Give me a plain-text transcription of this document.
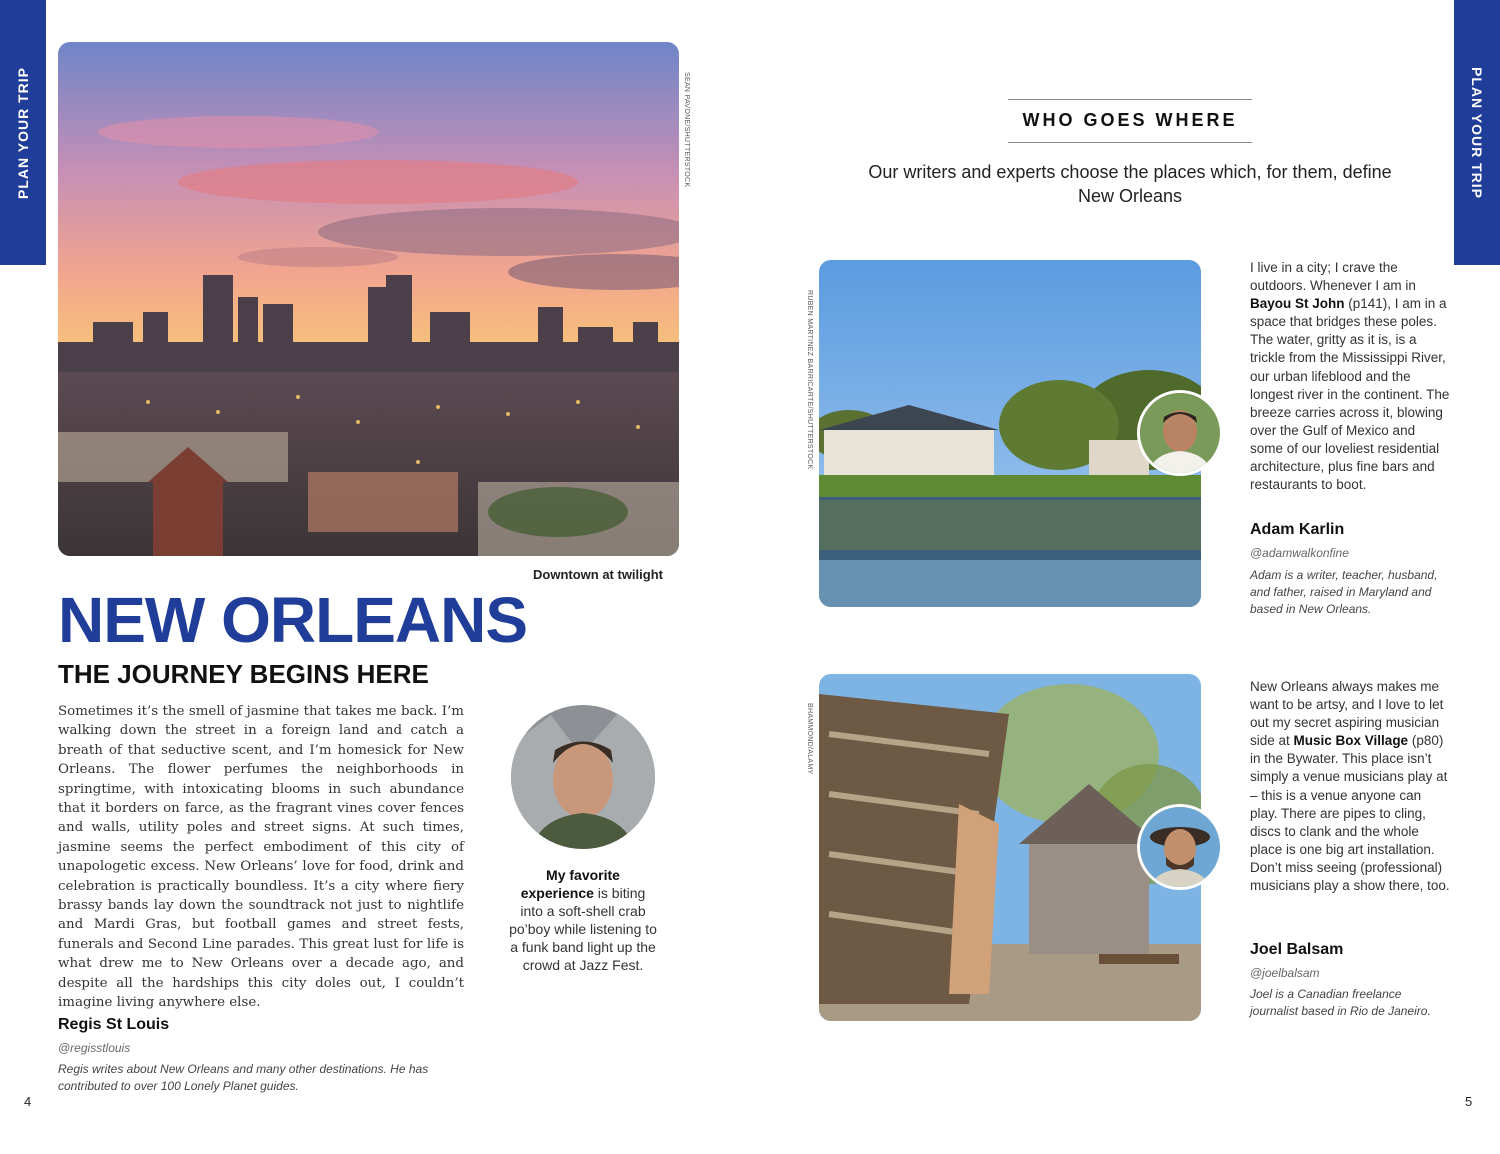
PLAN YOUR TRIP	PLAN YOUR TRIP
SEAN PAVONE/SHUTTERSTOCK
Downtown at twilight
NEW ORLEANS
THE JOURNEY BEGINS HERE
Sometimes it’s the smell of jasmine that takes me back. I’m walking down the street in a foreign land and catch a breath of that seductive scent, and I’m homesick for New Orleans. The flower perfumes the neighborhoods in springtime, with intoxicating blooms in such abundance that it borders on farce, as the fragrant vines cover fences and walls, utility poles and street signs. At such times, jasmine seems the perfect embodiment of this city of unapologetic excess. New Orleans’ love for food, drink and celebration is practically boundless. It’s a city where fiery brassy bands lay down the soundtrack not just to nightlife and Mardi Gras, but football games and street fests, funerals and Second Line parades. This great lust for life is what drew me to New Orleans over a decade ago, and despite all the hardships this city doles out, I couldn’t imagine living anywhere else.
Regis St Louis
@regisstlouis
Regis writes about New Orleans and many other destinations. He has contributed to over 100 Lonely Planet guides.
My favorite experience is biting into a soft-shell crab po’boy while listening to a funk band light up the crowd at Jazz Fest.
4	5
WHO GOES WHERE
Our writers and experts choose the places which, for them, define New Orleans
RUBEN MARTINEZ BARRICARTE/SHUTTERSTOCK
I live in a city; I crave the outdoors. Whenever I am in Bayou St John (p141), I am in a space that bridges these poles. The water, gritty as it is, is a trickle from the Mississippi River, our urban lifeblood and the longest river in the continent. The breeze carries across it, blowing over the Gulf of Mexico and some of our loveliest residential architecture, plus fine bars and restaurants to boot.
Adam Karlin
@adamwalkonfine
Adam is a writer, teacher, husband, and father, raised in Maryland and based in New Orleans.
BHAMMOND/ALAMY
New Orleans always makes me want to be artsy, and I love to let out my secret aspiring musician side at Music Box Village (p80) in the Bywater. This place isn’t simply a venue musicians play at – this is a venue anyone can play. There are pipes to cling, discs to clank and the whole place is one big art installation. Don’t miss seeing (professional) musicians play a show there, too.
Joel Balsam
@joelbalsam
Joel is a Canadian freelance journalist based in Rio de Janeiro.
